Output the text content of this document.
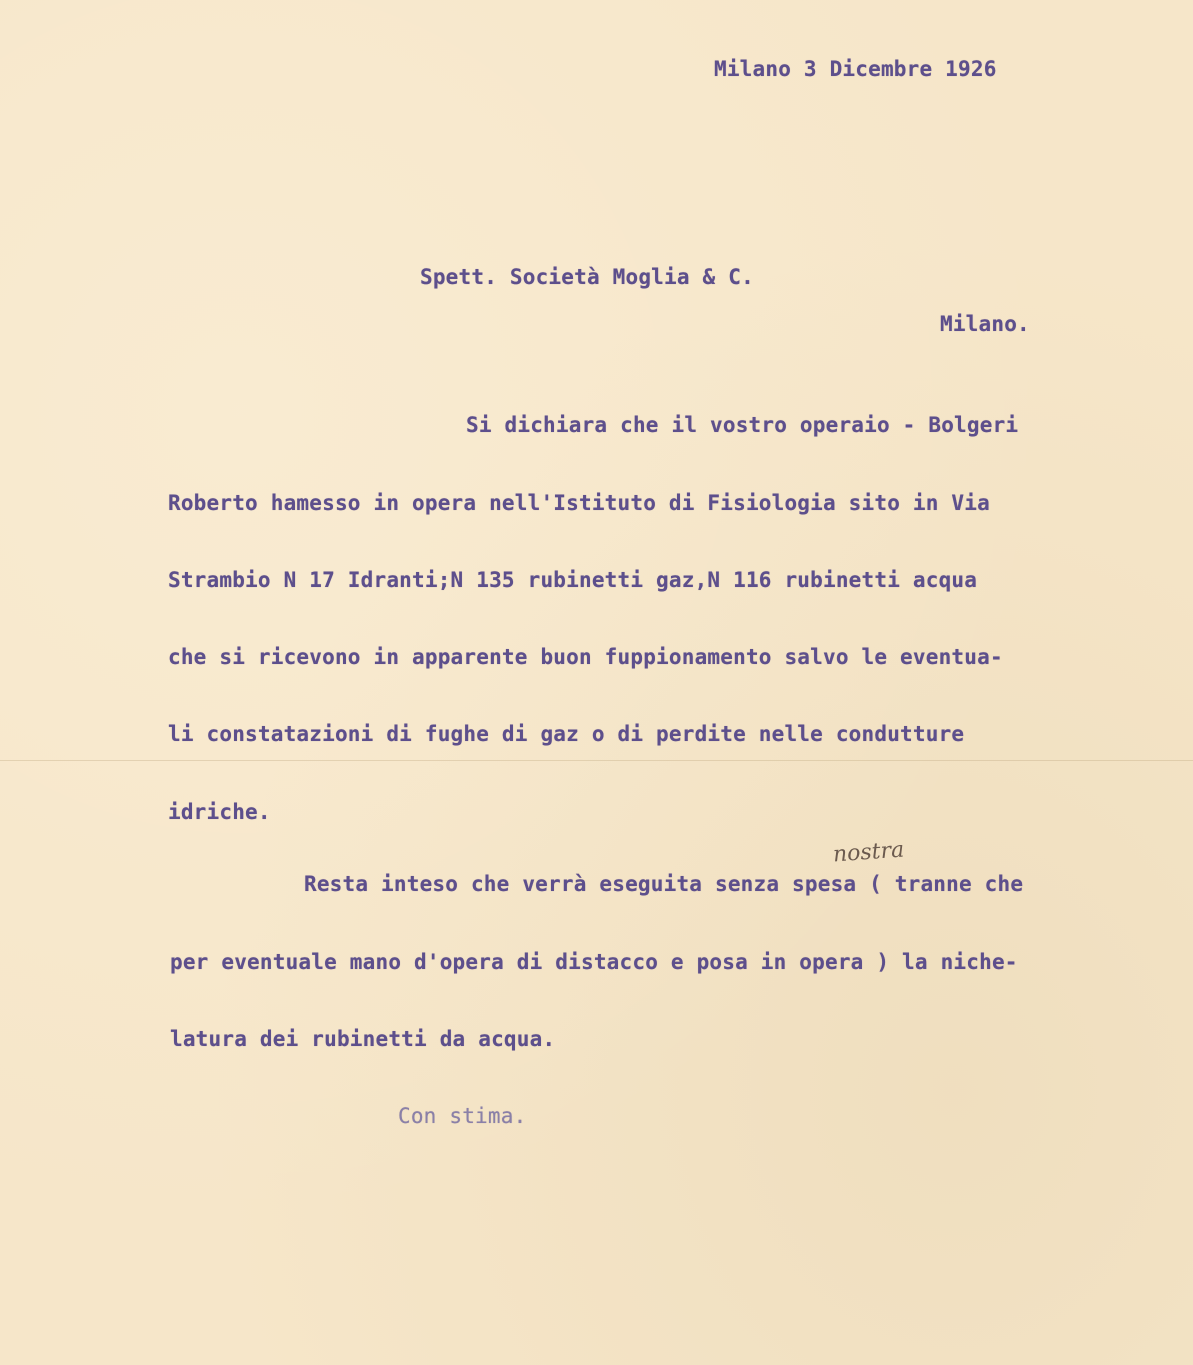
Milano 3 Dicembre 1926
Spett. Società Moglia & C.
Milano.
Si dichiara che il vostro operaio - Bolgeri
Roberto hamesso in opera nell'Istituto di Fisiologia sito in Via
Strambio N 17 Idranti;N 135 rubinetti gaz,N 116 rubinetti acqua
che si ricevono in apparente buon fuppionamento salvo le eventua-
li constatazioni di fughe di gaz o di perdite nelle condutture
idriche.
nostra
Resta inteso che verrà eseguita senza spesa ( tranne che
per eventuale mano d'opera di distacco e posa in opera ) la niche-
latura dei rubinetti da acqua.
Con stima.
